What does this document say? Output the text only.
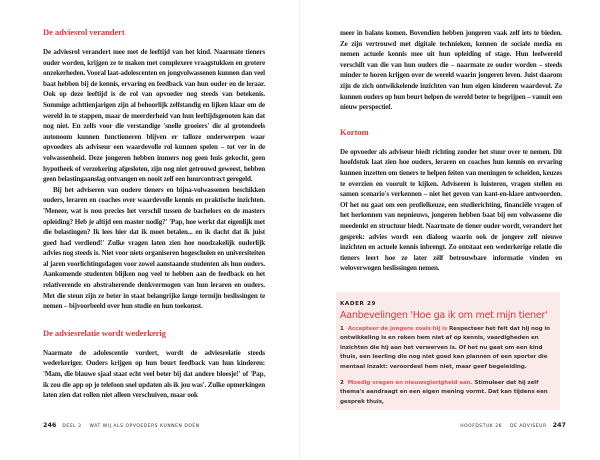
De adviesrol verandert

De adviesrol verandert mee met de leeftijd van het kind. Naarmate tieners ouder worden, krijgen ze te maken met complexere vraagstukken en grotere onzekerheden. Vooral laat-adolescenten en jongvolwassenen kunnen dan veel baat hebben bij de kennis, ervaring en feedback van hun ouder en de leraar. Ook op deze leeftijd is de rol van opvoeder nog steeds van betekenis. Sommige achttienjarigen zijn al behoorlijk zelfstandig en lijken klaar om de wereld in te stappen, maar de meerderheid van hun leeftijdsgenoten kan dat nog niet. En zelfs voor die verstandige 'snelle groeiers' die al grotendeels autonoom kunnen functioneren blijven er talloze onderwerpen waar opvoeders als adviseur een waardevolle rol kunnen spelen – tot ver in de volwassenheid. Deze jongeren hebben immers nog geen huis gekocht, geen hypotheek of verzekering afgesloten, zijn nog niet getrouwd geweest, hebben geen belastingaanslag ontvangen en nooit zelf een huurcontract geregeld.

Bij het adviseren van oudere tieners en bijna-volwassenen beschikken ouders, leraren en coaches over waardevolle kennis en praktische inzichten. 'Meneer, wat is nou precies het verschil tussen de bachelors en de masters opleiding? Heb je altijd een master nodig?' 'Pap, hoe werkt dat eigenlijk met die belastingen? Ik lees hier dat ik moet betalen... en ik dacht dat ik juist goed had verdiend!' Zulke vragen laten zien hoe noodzakelijk ouderlijk advies nog steeds is. Niet voor niets organiseren hogescholen en universiteiten al jaren voorlichtingsdagen voor zowel aanstaande studenten als hun ouders. Aankomende studenten blijken nog veel te hebben aan de feedback en het relativerende en abstraherende denkvermogen van hun leraren en ouders. Met die steun zijn ze beter in staat belangrijke lange termijn beslissingen te nemen – bijvoorbeeld over hun studie en hun toekomst.

De adviesrelatie wordt wederkerig

Naarmate de adolescentie vordert, wordt de adviesrelatie steeds wederkeriger. Ouders krijgen op hun beurt feedback van hun kinderen: 'Mam, die blauwe sjaal staat echt veel beter bij dat andere bloesje!' of 'Pap, ik zou die app op je telefoon snel updaten als ik jou was'. Zulke opmerkingen laten zien dat rollen niet alleen verschuiven, maar ook

246 DEEL 3 WAT WIJ ALS OPVOEDERS KUNNEN DOEN

meer in balans komen. Bovendien hebben jongeren vaak zelf iets te bieden. Ze zijn vertrouwd met digitale technieken, kennen de sociale media en nemen actuele kennis mee uit hun opleiding of stage. Hun leefwereld verschilt van die van hun ouders die – naarmate ze ouder worden – steeds minder te horen krijgen over de wereld waarin jongeren leven. Juist daarom zijn de zich ontwikkelende inzichten van hun eigen kinderen waardevol. Ze kunnen ouders op hun beurt helpen de wereld beter te begrijpen – vanuit een nieuw perspectief.

Kortom

De opvoeder als adviseur biedt richting zonder het stuur over te nemen. Dit hoofdstuk laat zien hoe ouders, leraren en coaches hun kennis en ervaring kunnen inzetten om tieners te helpen feiten van meningen te scheiden, keuzes te overzien en vooruit te kijken. Adviseren is luisteren, vragen stellen en samen scenario's verkennen – niet het geven van kant-en-klare antwoorden. Of het nu gaat om een profielkeuze, een studierichting, financiële vragen of het herkennen van nepnieuws, jongeren hebben baat bij een volwassene die meedenkt en structuur biedt. Naarmate de tiener ouder wordt, verandert het gesprek: advies wordt een dialoog waarin ook de jongere zelf nieuwe inzichten en actuele kennis inbrengt. Zo ontstaat een wederkerige relatie die tieners leert hoe ze later zélf betrouwbare informatie vinden en weloverwogen beslissingen nemen.

KADER 29
Aanbevelingen 'Hoe ga ik om met mijn tiener'

1 Accepteer de jongere zoals hij is Respecteer het feit dat hij nog in ontwikkeling is en reken hem niet af op kennis, vaardigheden en inzichten die hij aan het verwerven is. Of het nu gaat om een kind thuis, een leerling die nog niet goed kan plannen of een sporter die mentaal inzakt: veroordeel hem niet, maar geef begeleiding.

2 Moedig vragen en nieuwsgierigheid aan. Stimuleer dat hij zelf thema's aandraagt en een eigen mening vormt. Dat kan tijdens een gesprek thuis,

HOOFDSTUK 26 DE ADVISEUR 247
